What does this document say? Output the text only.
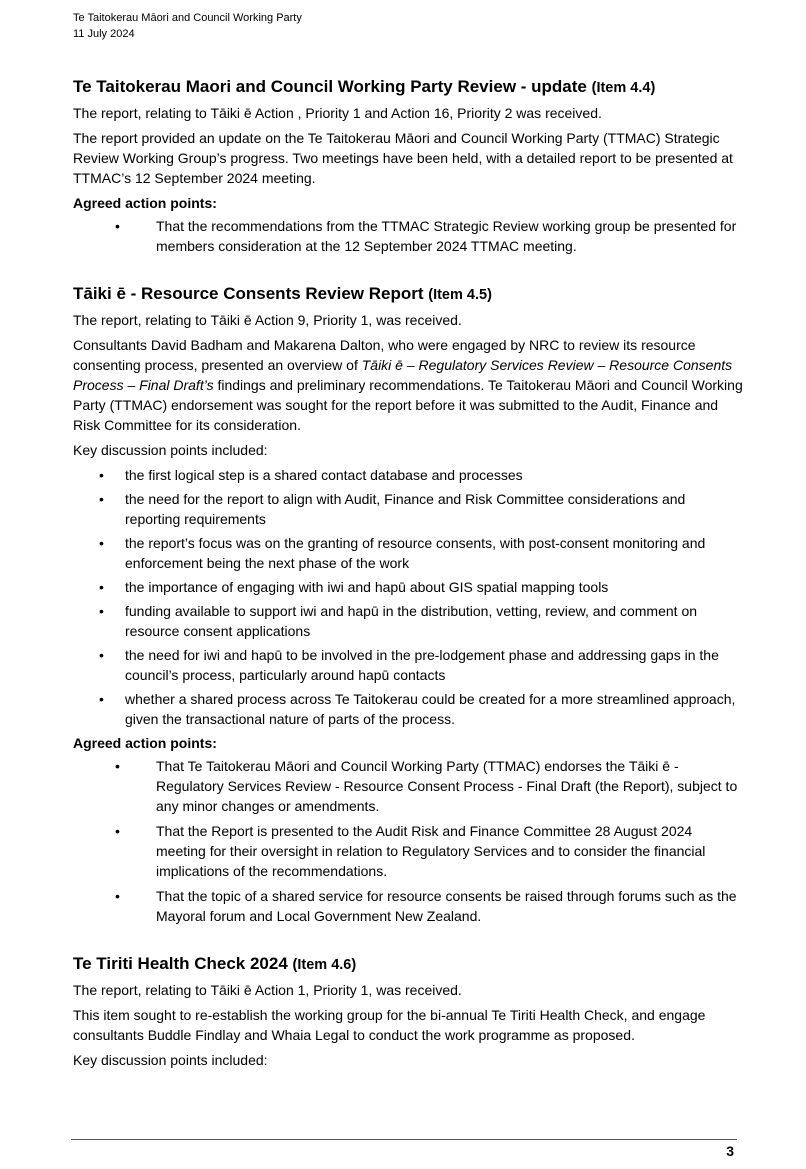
Te Taitokerau Māori and Council Working Party
11 July 2024
Te Taitokerau Maori and Council Working Party Review - update (Item 4.4)

The report, relating to Tāiki ē Action , Priority 1 and Action 16, Priority 2 was received.

The report provided an update on the Te Taitokerau Māori and Council Working Party (TTMAC) Strategic Review Working Group’s progress. Two meetings have been held, with a detailed report to be presented at TTMAC’s 12 September 2024 meeting.

Agreed action points:

•	That the recommendations from the TTMAC Strategic Review working group be presented for members consideration at the 12 September 2024 TTMAC meeting.
Tāiki ē - Resource Consents Review Report (Item 4.5)

The report, relating to Tāiki ē Action 9, Priority 1, was received.

Consultants David Badham and Makarena Dalton, who were engaged by NRC to review its resource consenting process, presented an overview of Tāiki ē – Regulatory Services Review – Resource Consents Process – Final Draft’s findings and preliminary recommendations. Te Taitokerau Māori and Council Working Party (TTMAC) endorsement was sought for the report before it was submitted to the Audit, Finance and Risk Committee for its consideration.

Key discussion points included:

• the first logical step is a shared contact database and processes
• the need for the report to align with Audit, Finance and Risk Committee considerations and reporting requirements
• the report’s focus was on the granting of resource consents, with post-consent monitoring and enforcement being the next phase of the work
• the importance of engaging with iwi and hapū about GIS spatial mapping tools
• funding available to support iwi and hapū in the distribution, vetting, review, and comment on resource consent applications
• the need for iwi and hapū to be involved in the pre-lodgement phase and addressing gaps in the council’s process, particularly around hapū contacts
• whether a shared process across Te Taitokerau could be created for a more streamlined approach, given the transactional nature of parts of the process.

Agreed action points:

•	That Te Taitokerau Māori and Council Working Party (TTMAC) endorses the Tāiki ē - Regulatory Services Review - Resource Consent Process - Final Draft (the Report), subject to any minor changes or amendments.
•	That the Report is presented to the Audit Risk and Finance Committee 28 August 2024 meeting for their oversight in relation to Regulatory Services and to consider the financial implications of the recommendations.
•	That the topic of a shared service for resource consents be raised through forums such as the Mayoral forum and Local Government New Zealand.
Te Tiriti Health Check 2024 (Item 4.6)

The report, relating to Tāiki ē Action 1, Priority 1, was received.

This item sought to re-establish the working group for the bi-annual Te Tiriti Health Check, and engage consultants Buddle Findlay and Whaia Legal to conduct the work programme as proposed.

Key discussion points included:

3
